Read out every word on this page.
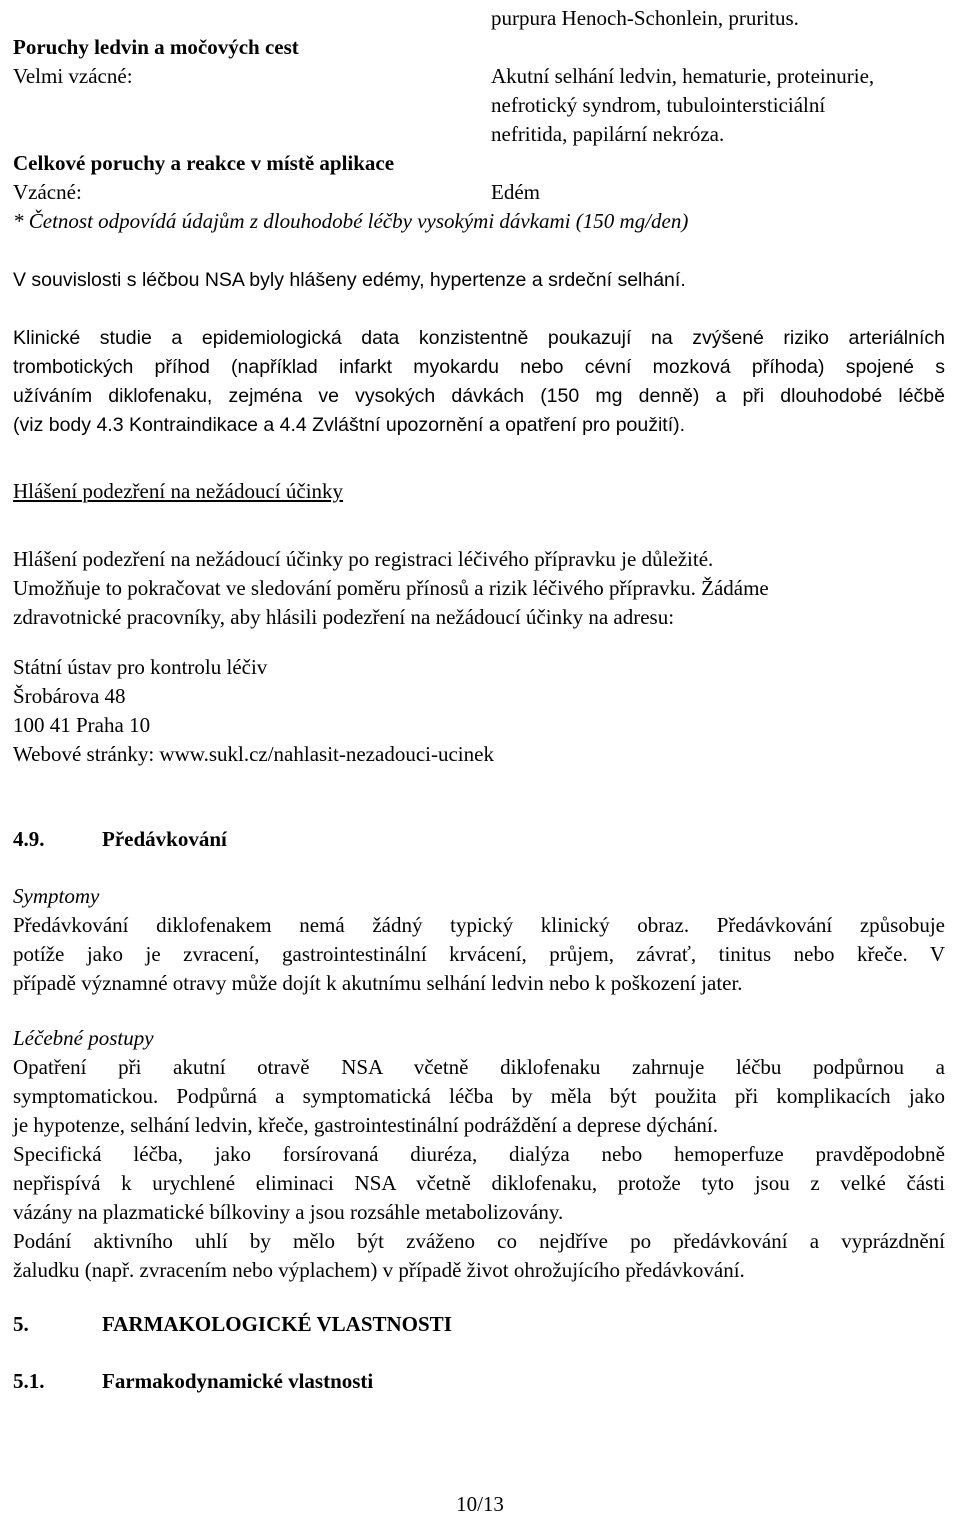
purpura Henoch-Schonlein, pruritus.
Poruchy ledvin a močových cest
Velmi vzácné:	Akutní selhání ledvin, hematurie, proteinurie,
nefrotický syndrom, tubulointersticiální
nefritida, papilární nekróza.
Celkové poruchy a reakce v místě aplikace
Vzácné:	Edém
* Četnost odpovídá údajům z dlouhodobé léčby vysokými dávkami (150 mg/den)
V souvislosti s léčbou NSA byly hlášeny edémy, hypertenze a srdeční selhání.
Klinické studie a epidemiologická data konzistentně poukazují na zvýšené riziko arteriálních
trombotických příhod (například infarkt myokardu nebo cévní mozková příhoda) spojené s
užíváním diklofenaku, zejména ve vysokých dávkách (150 mg denně) a při dlouhodobé léčbě
(viz body 4.3 Kontraindikace a 4.4 Zvláštní upozornění a opatření pro použití).
Hlášení podezření na nežádoucí účinky
Hlášení podezření na nežádoucí účinky po registraci léčivého přípravku je důležité.
Umožňuje to pokračovat ve sledování poměru přínosů a rizik léčivého přípravku. Žádáme
zdravotnické pracovníky, aby hlásili podezření na nežádoucí účinky na adresu:
Státní ústav pro kontrolu léčiv
Šrobárova 48
100 41 Praha 10
Webové stránky: www.sukl.cz/nahlasit-nezadouci-ucinek
4.9.	Předávkování
Symptomy
Předávkování diklofenakem nemá žádný typický klinický obraz. Předávkování způsobuje
potíže jako je zvracení, gastrointestinální krvácení, průjem, závrať, tinitus nebo křeče. V
případě významné otravy může dojít k akutnímu selhání ledvin nebo k poškození jater.
Léčebné postupy
Opatření při akutní otravě NSA včetně diklofenaku zahrnuje léčbu podpůrnou a
symptomatickou. Podpůrná a symptomatická léčba by měla být použita při komplikacích jako
je hypotenze, selhání ledvin, křeče, gastrointestinální podráždění a deprese dýchání.
Specifická léčba, jako forsírovaná diuréza, dialýza nebo hemoperfuze pravděpodobně
nepřispívá k urychlené eliminaci NSA včetně diklofenaku, protože tyto jsou z velké části
vázány na plazmatické bílkoviny a jsou rozsáhle metabolizovány.
Podání aktivního uhlí by mělo být zváženo co nejdříve po předávkování a vyprázdnění
žaludku (např. zvracením nebo výplachem) v případě život ohrožujícího předávkování.
5.	FARMAKOLOGICKÉ VLASTNOSTI
5.1.	Farmakodynamické vlastnosti
10/13
